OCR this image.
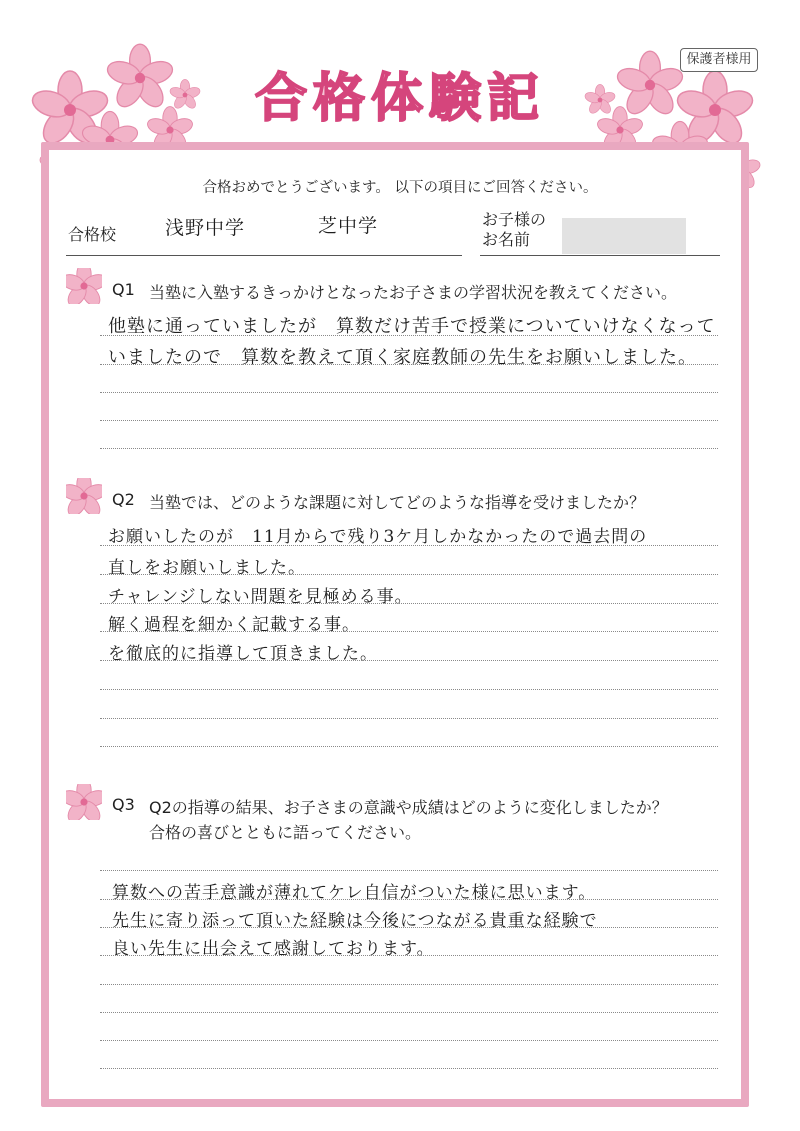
保護者様用
合格体験記
合格おめでとうございます。 以下の項目にご回答ください。
合格校	浅野中学	芝中学	お子様の
お名前
Q1 当塾に入塾するきっかけとなったお子さまの学習状況を教えてください。
他塾に通っていましたが　算数だけ苦手で授業についていけなくなって
いましたので　算数を教えて頂く家庭教師の先生をお願いしました。
Q2 当塾では、どのような課題に対してどのような指導を受けましたか？
お願いしたのが　11月からで残り3ケ月しかなかったので過去問の
直しをお願いしました。
チャレンジしない問題を見極める事。
解く過程を細かく記載する事。
を徹底的に指導して頂きました。
Q3 Q2の指導の結果、お子さまの意識や成績はどのように変化しましたか？
合格の喜びとともに語ってください。
算数への苦手意識が薄れてケレ自信がついた様に思います。
先生に寄り添って頂いた経験は今後につながる貴重な経験で
良い先生に出会えて感謝しております。
